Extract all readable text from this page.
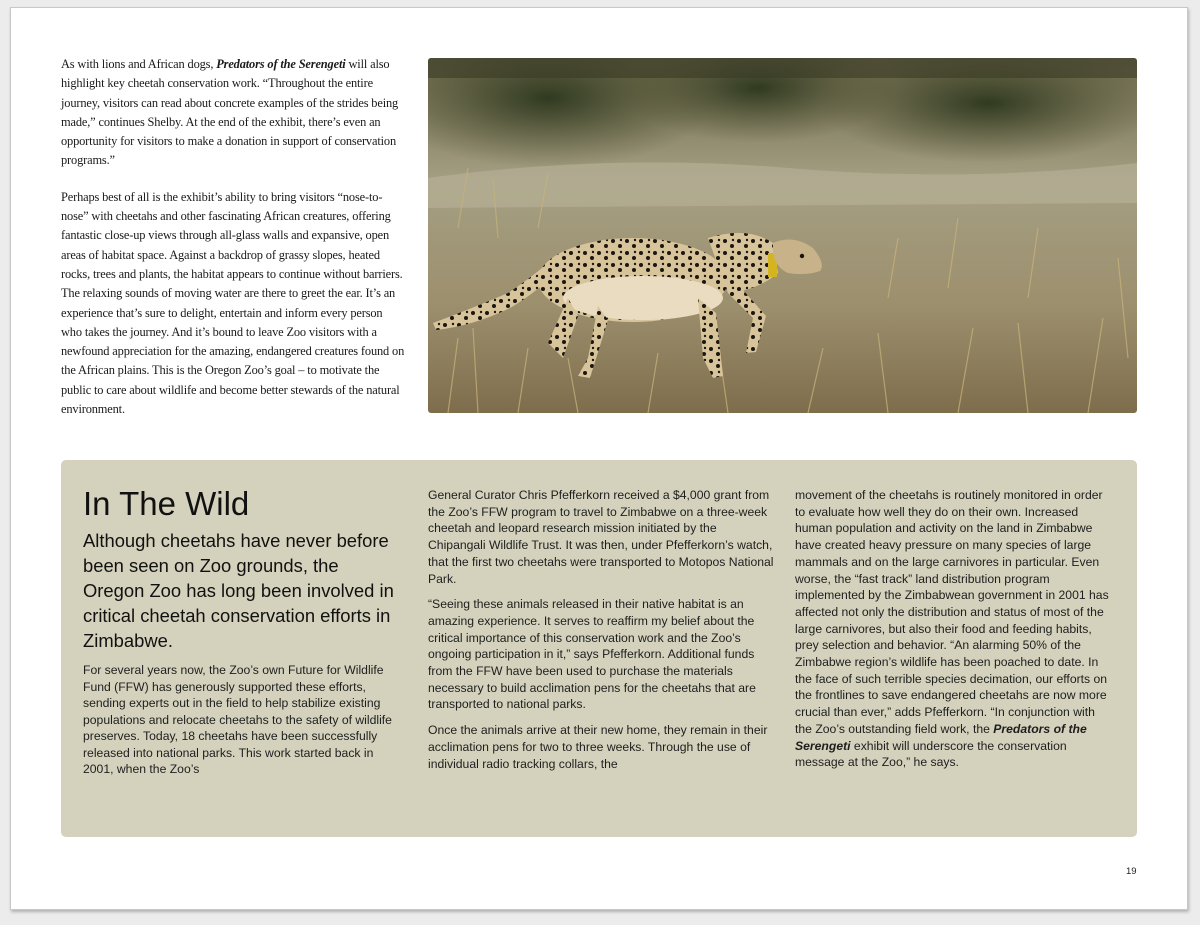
As with lions and African dogs, Predators of the Serengeti will also highlight key cheetah conservation work. “Throughout the entire journey, visitors can read about concrete examples of the strides being made,” continues Shelby. At the end of the exhibit, there’s even an opportunity for visitors to make a donation in support of conservation programs.”

Perhaps best of all is the exhibit’s ability to bring visitors “nose-to-nose” with cheetahs and other fascinating African creatures, offering fantastic close-up views through all-glass walls and expansive, open areas of habitat space. Against a backdrop of grassy slopes, heated rocks, trees and plants, the habitat appears to continue without barriers. The relaxing sounds of moving water are there to greet the ear. It’s an experience that’s sure to delight, entertain and inform every person who takes the journey. And it’s bound to leave Zoo visitors with a newfound appreciation for the amazing, endangered creatures found on the African plains. This is the Oregon Zoo’s goal – to motivate the public to care about wildlife and become better stewards of the natural environment.

In The Wild

Although cheetahs have never before been seen on Zoo grounds, the Oregon Zoo has long been involved in critical cheetah conservation efforts in Zimbabwe.

For several years now, the Zoo’s own Future for Wildlife Fund (FFW) has generously supported these efforts, sending experts out in the field to help stabilize existing populations and relocate cheetahs to the safety of wildlife preserves. Today, 18 cheetahs have been successfully released into national parks. This work started back in 2001, when the Zoo’s

General Curator Chris Pfefferkorn received a $4,000 grant from the Zoo’s FFW program to travel to Zimbabwe on a three-week cheetah and leopard research mission initiated by the Chipangali Wildlife Trust. It was then, under Pfefferkorn’s watch, that the first two cheetahs were transported to Motopos National Park.

“Seeing these animals released in their native habitat is an amazing experience. It serves to reaffirm my belief about the critical importance of this conservation work and the Zoo’s ongoing participation in it,” says Pfefferkorn. Additional funds from the FFW have been used to purchase the materials necessary to build acclimation pens for the cheetahs that are transported to national parks.

Once the animals arrive at their new home, they remain in their acclimation pens for two to three weeks. Through the use of individual radio tracking collars, the

movement of the cheetahs is routinely monitored in order to evaluate how well they do on their own. Increased human population and activity on the land in Zimbabwe have created heavy pressure on many species of large mammals and on the large carnivores in particular. Even worse, the “fast track” land distribution program implemented by the Zimbabwean government in 2001 has affected not only the distribution and status of most of the large carnivores, but also their food and feeding habits, prey selection and behavior. “An alarming 50% of the Zimbabwe region’s wildlife has been poached to date. In the face of such terrible species decimation, our efforts on the frontlines to save endangered cheetahs are now more crucial than ever,” adds Pfefferkorn. “In conjunction with the Zoo’s outstanding field work, the Predators of the Serengeti exhibit will underscore the conservation message at the Zoo,” he says.

19
